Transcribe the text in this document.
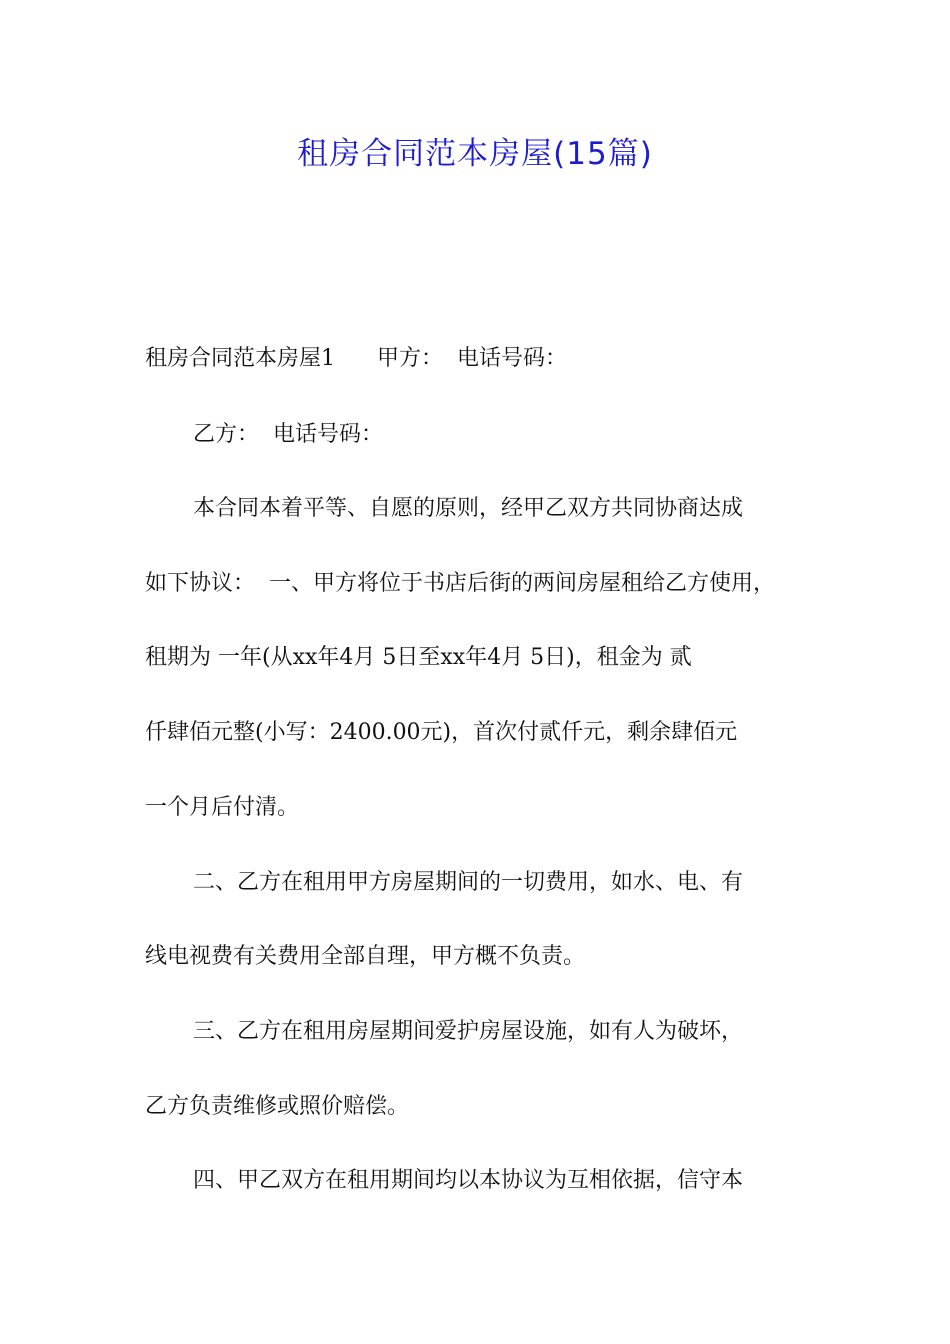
租房合同范本房屋(15篇)
租房合同范本房屋1      甲方：  电话号码：
乙方：  电话号码：
本合同本着平等、自愿的原则，经甲乙双方共同协商达成
如下协议：  一、甲方将位于书店后街的两间房屋租给乙方使用，
租期为 一年(从xx年4月 5日至xx年4月 5日)，租金为 贰
仟肆佰元整(小写：2400.00元)，首次付贰仟元，剩余肆佰元
一个月后付清。
二、乙方在租用甲方房屋期间的一切费用，如水、电、有
线电视费有关费用全部自理，甲方概不负责。
三、乙方在租用房屋期间爱护房屋设施，如有人为破坏，
乙方负责维修或照价赔偿。
四、甲乙双方在租用期间均以本协议为互相依据，信守本
